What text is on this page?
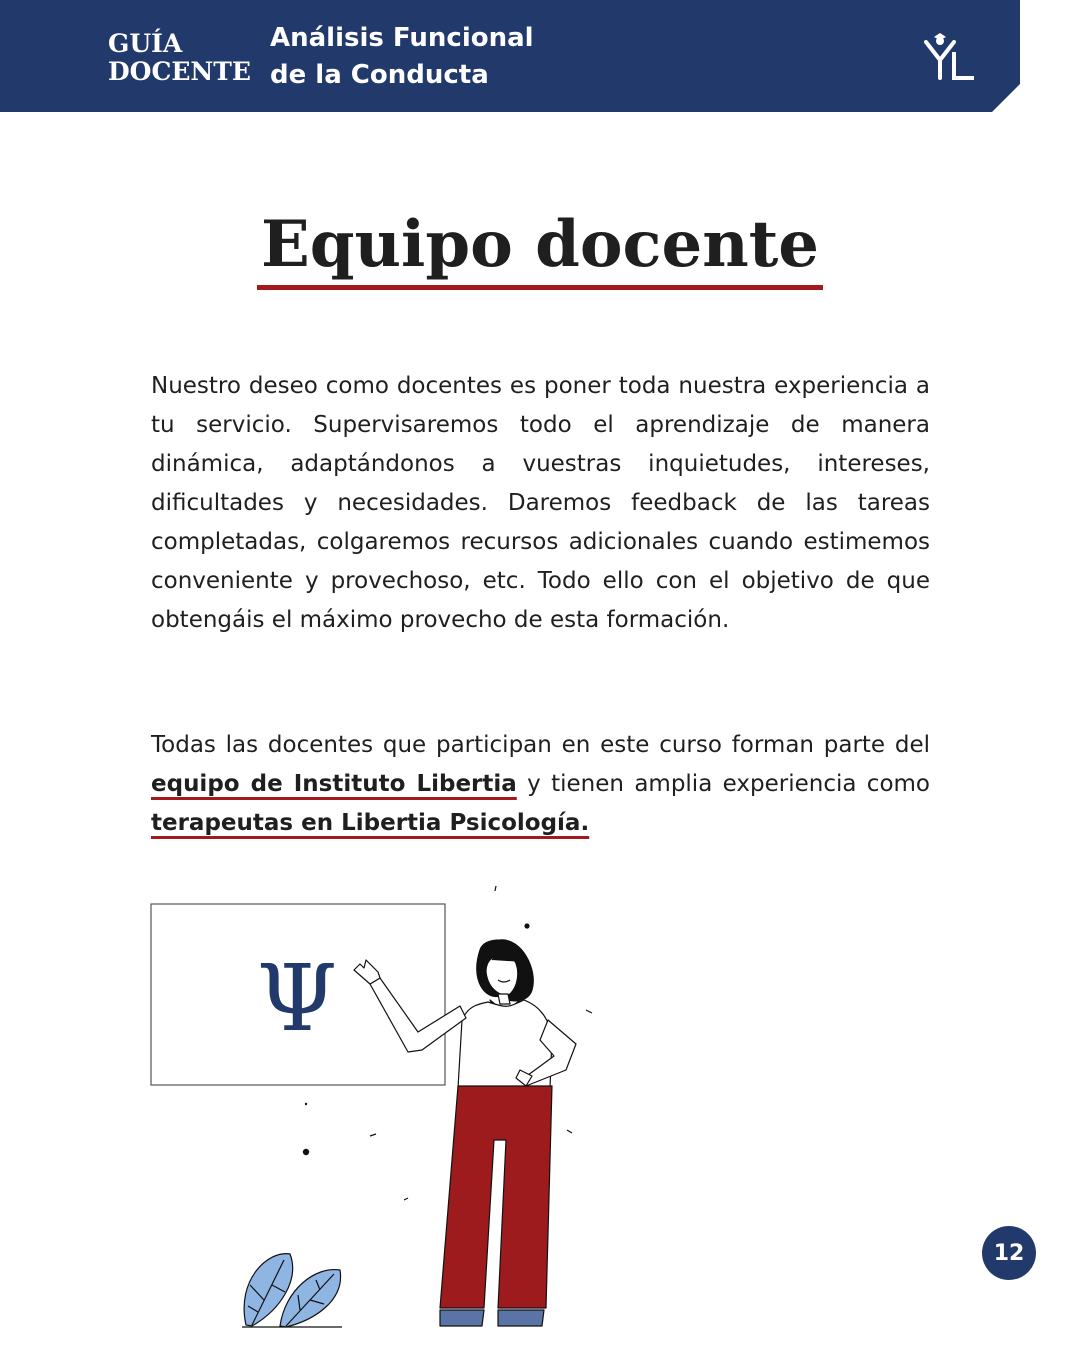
GUÍA
DOCENTE
Análisis Funcional
de la Conducta
Equipo docente

Nuestro deseo como docentes es poner toda nuestra experiencia a tu servicio. Supervisaremos todo el aprendizaje de manera dinámica, adaptándonos a vuestras inquietudes, intereses, dificultades y necesidades. Daremos feedback de las tareas completadas, colgaremos recursos adicionales cuando estimemos conveniente y provechoso, etc. Todo ello con el objetivo de que obtengáis el máximo provecho de esta formación.

Todas las docentes que participan en este curso forman parte del equipo de Instituto Libertia y tienen amplia experiencia como terapeutas en Libertia Psicología.

Ψ
12
